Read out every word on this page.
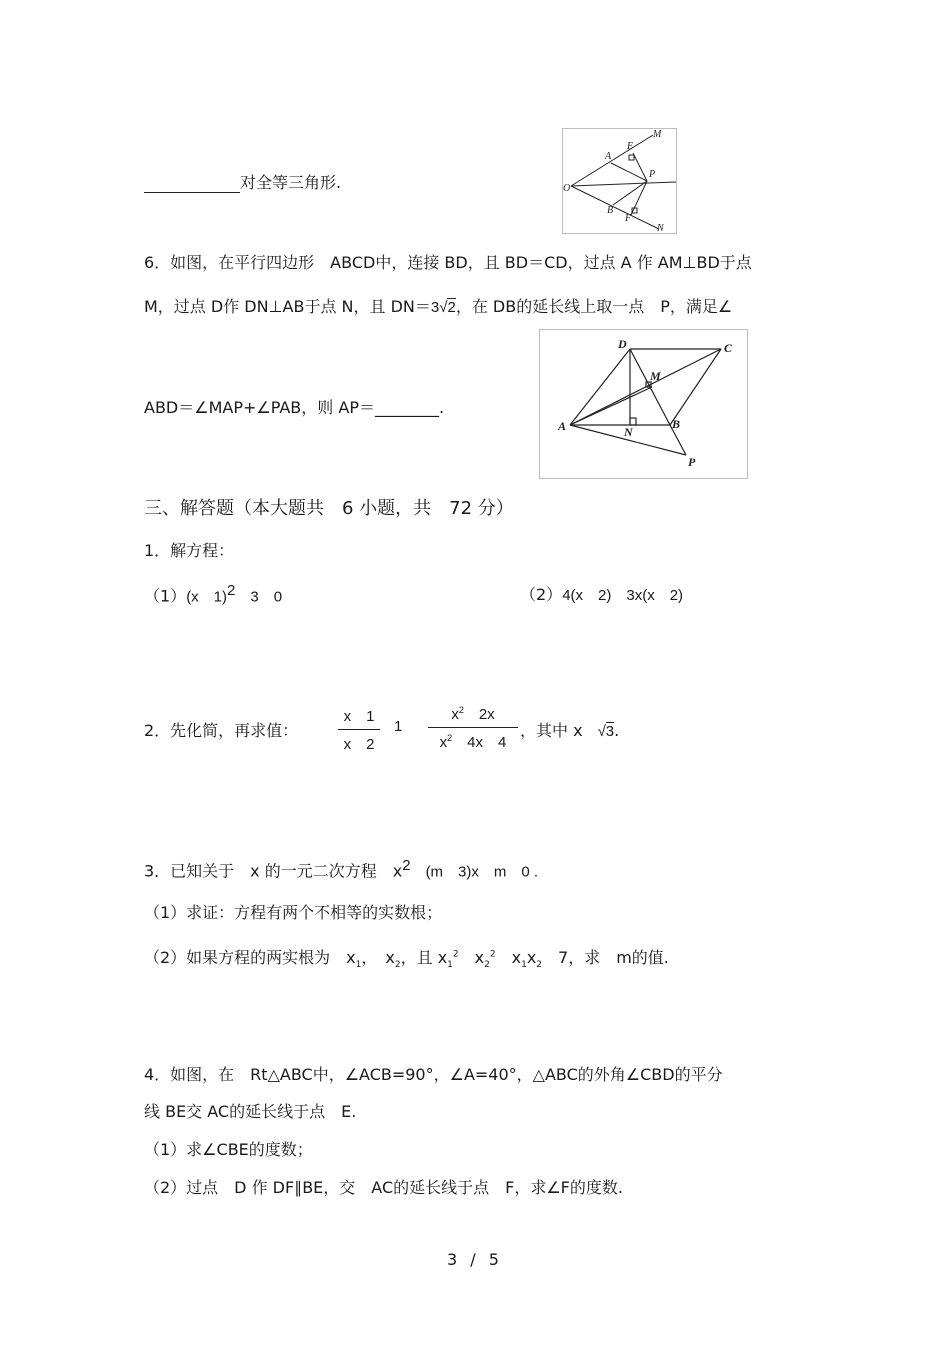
对全等三角形.
M
E
A
O
P
B
F
N
6．如图，在平行四边形　ABCD中，连接 BD，且 BD＝CD，过点 A 作 AM⊥BD于点
M，过点 D作 DN⊥AB于点 N，且 DN＝3√2，在 DB的延长线上取一点　P，满足∠
ABD＝∠MAP+∠PAB，则 AP＝________.
D	C
M
A	N
B
P
三、解答题（本大题共　6 小题，共　72 分）
1．解方程：
（1）(x　1)$^2$　3　0	（2）4(x　2)　3x(x　2)
2．先化简，再求值：
x　1
x　2
1
$x^2$　2x
$x^2$　4x　4
，其中 x　√3.
3．已知关于　x 的一元二次方程　$x^2$　(m　3)x　m　0 .
（1）求证：方程有两个不相等的实数根；
（2）如果方程的两实根为　$x_1$，　$x_2$，且 $x_1^2$　$x_2^2$　$x_1x_2$　7，求　m的值.
4．如图，在　Rt△ABC中，∠ACB=90°，∠A=40°，△ABC的外角∠CBD的平分
线 BE交 AC的延长线于点　E.
（1）求∠CBE的度数；
（2）过点　D 作 DF∥BE，交　AC的延长线于点　F，求∠F的度数.
3 / 5
